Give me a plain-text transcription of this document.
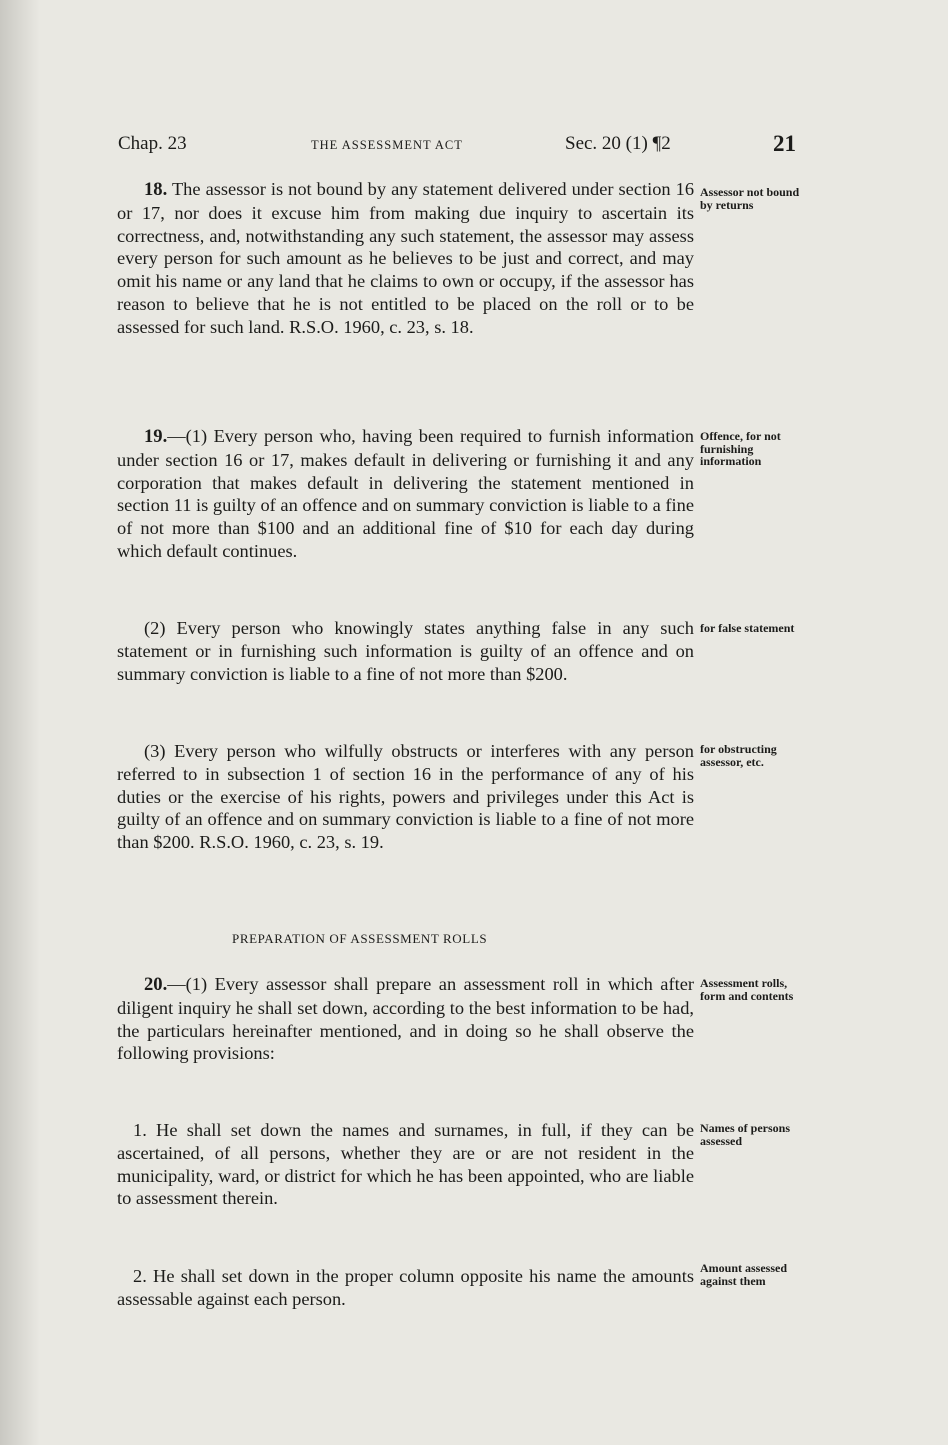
Chap. 23	THE ASSESSMENT ACT	Sec. 20 (1) ¶2	21
18. The assessor is not bound by any statement delivered under section 16 or 17, nor does it excuse him from making due inquiry to ascertain its correctness, and, notwithstanding any such statement, the assessor may assess every person for such amount as he believes to be just and correct, and may omit his name or any land that he claims to own or occupy, if the assessor has reason to believe that he is not entitled to be placed on the roll or to be assessed for such land. R.S.O. 1960, c. 23, s. 18.
Assessor not bound by returns
19.—(1) Every person who, having been required to furnish information under section 16 or 17, makes default in delivering or furnishing it and any corporation that makes default in delivering the statement mentioned in section 11 is guilty of an offence and on summary conviction is liable to a fine of not more than $100 and an additional fine of $10 for each day during which default continues.
Offence, for not furnishing information
(2) Every person who knowingly states anything false in any such statement or in furnishing such information is guilty of an offence and on summary conviction is liable to a fine of not more than $200.
for false statement
(3) Every person who wilfully obstructs or interferes with any person referred to in subsection 1 of section 16 in the performance of any of his duties or the exercise of his rights, powers and privileges under this Act is guilty of an offence and on summary conviction is liable to a fine of not more than $200. R.S.O. 1960, c. 23, s. 19.
for obstructing assessor, etc.
PREPARATION OF ASSESSMENT ROLLS
20.—(1) Every assessor shall prepare an assessment roll in which after diligent inquiry he shall set down, according to the best information to be had, the particulars hereinafter mentioned, and in doing so he shall observe the following provisions:
Assessment rolls, form and contents
1. He shall set down the names and surnames, in full, if they can be ascertained, of all persons, whether they are or are not resident in the municipality, ward, or district for which he has been appointed, who are liable to assessment therein.
Names of persons assessed
2. He shall set down in the proper column opposite his name the amounts assessable against each person.
Amount assessed against them
